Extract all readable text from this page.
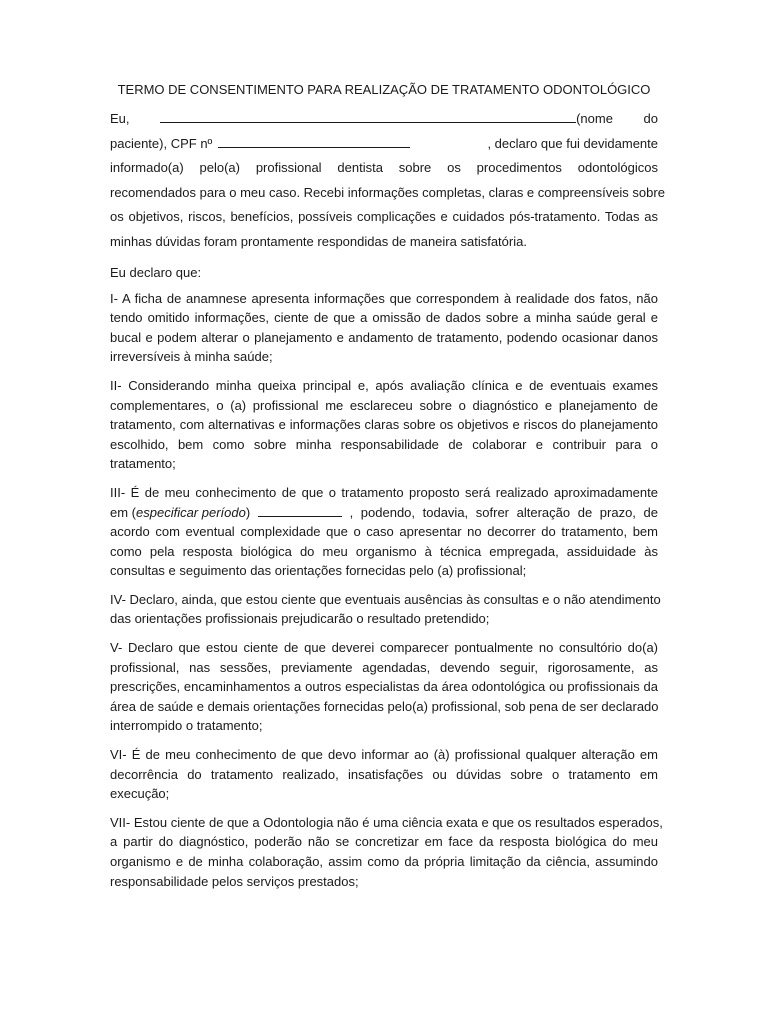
TERMO DE CONSENTIMENTO PARA REALIZAÇÃO DE TRATAMENTO ODONTOLÓGICO
Eu,	(nome do
paciente), CPF nº	, declaro que fui devidamente
informado(a) pelo(a) profissional dentista sobre os procedimentos odontológicos
recomendados para o meu caso. Recebi informações completas, claras e compreensíveis sobre
os objetivos, riscos, benefícios, possíveis complicações e cuidados pós-tratamento. Todas as
minhas dúvidas foram prontamente respondidas de maneira satisfatória.
Eu declaro que:
I- A ficha de anamnese apresenta informações que correspondem à realidade dos fatos, não
tendo omitido informações, ciente de que a omissão de dados sobre a minha saúde geral e
bucal e podem alterar o planejamento e andamento de tratamento, podendo ocasionar danos
irreversíveis à minha saúde;
II- Considerando minha queixa principal e, após avaliação clínica e de eventuais exames
complementares, o (a) profissional me esclareceu sobre o diagnóstico e planejamento de
tratamento, com alternativas e informações claras sobre os objetivos e riscos do planejamento
escolhido, bem como sobre minha responsabilidade de colaborar e contribuir para o
tratamento;
III- É de meu conhecimento de que o tratamento proposto será realizado aproximadamente
em ( especificar período )	, podendo, todavia, sofrer alteração de prazo, de
acordo com eventual complexidade que o caso apresentar no decorrer do tratamento, bem
como pela resposta biológica do meu organismo à técnica empregada, assiduidade às
consultas e seguimento das orientações fornecidas pelo (a) profissional;
IV- Declaro, ainda, que estou ciente que eventuais ausências às consultas e o não atendimento
das orientações profissionais prejudicarão o resultado pretendido;
V- Declaro que estou ciente de que deverei comparecer pontualmente no consultório do(a)
profissional, nas sessões, previamente agendadas, devendo seguir, rigorosamente, as
prescrições, encaminhamentos a outros especialistas da área odontológica ou profissionais da
área de saúde e demais orientações fornecidas pelo(a) profissional, sob pena de ser declarado
interrompido o tratamento;
VI- É de meu conhecimento de que devo informar ao (à) profissional qualquer alteração em
decorrência do tratamento realizado, insatisfações ou dúvidas sobre o tratamento em
execução;
VII- Estou ciente de que a Odontologia não é uma ciência exata e que os resultados esperados,
a partir do diagnóstico, poderão não se concretizar em face da resposta biológica do meu
organismo e de minha colaboração, assim como da própria limitação da ciência, assumindo
responsabilidade pelos serviços prestados;
